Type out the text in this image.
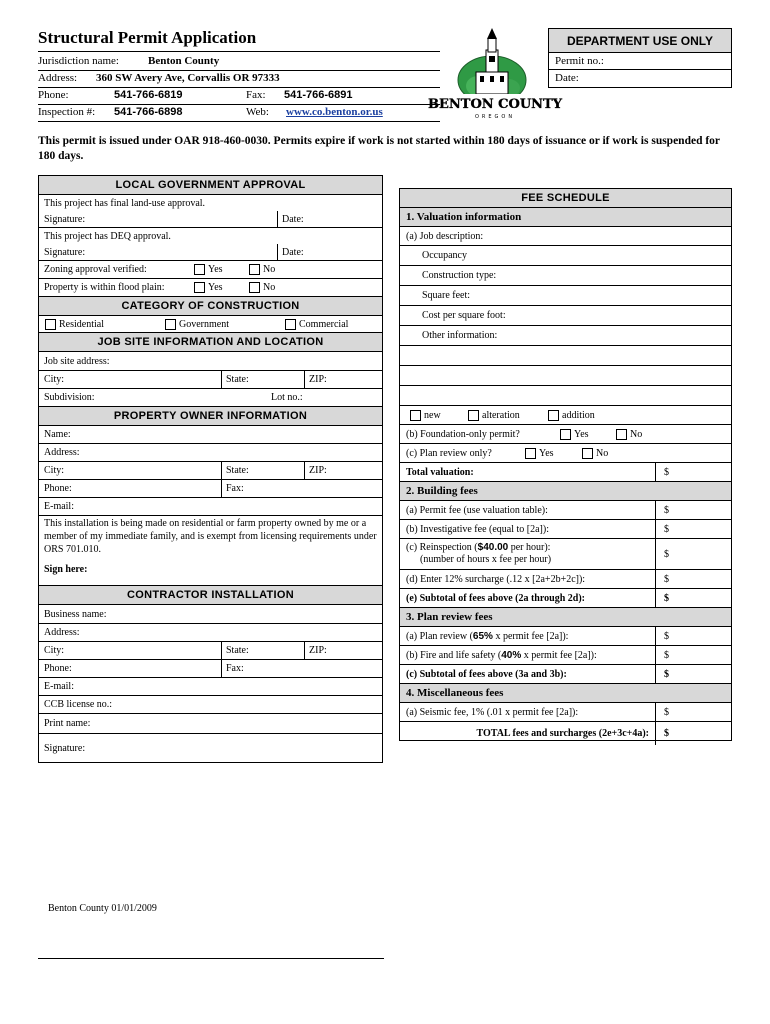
Structural Permit Application
Jurisdiction name:	Benton County
Address: 360 SW Avery Ave, Corvallis OR 97333
Phone:	541-766-6819	Fax: 541-766-6891
Inspection #: 541-766-6898	Web: www.co.benton.or.us	BENTON COUNTY
OREGON
DEPARTMENT USE ONLY
Permit no.:
Date:
This permit is issued under OAR 918-460-0030. Permits expire if work is not started within 180 days of issuance or if work is suspended for 180 days.
LOCAL GOVERNMENT APPROVAL
This project has final land-use approval.
Signature:	Date:
This project has DEQ approval.
Signature:	Date:
Zoning approval verified:	Yes	No
Property is within flood plain:	Yes	No
CATEGORY OF CONSTRUCTION
Residential	Government	Commercial
JOB SITE INFORMATION AND LOCATION
Job site address:
City:	State:	ZIP:
Subdivision:	Lot no.:
PROPERTY OWNER INFORMATION
Name:
Address:
City:	State:	ZIP:
Phone:	Fax:
E-mail:
This installation is being made on residential or farm property owned by me or a member of my immediate family, and is exempt from licensing requirements under ORS 701.010.
Sign here:
CONTRACTOR INSTALLATION
Business name:
Address:
City:	State:	ZIP:
Phone:	Fax:
E-mail:
CCB license no.:
Print name:
Signature:
FEE SCHEDULE
1. Valuation information
(a) Job description:
Occupancy
Construction type:
Square feet:
Cost per square foot:
Other information:
new	alteration	addition
(b) Foundation-only permit?	Yes	No
(c) Plan review only?	Yes	No
Total valuation:	$
2. Building fees
(a) Permit fee (use valuation table):	$
(b) Investigative fee (equal to [2a]):	$
(c) Reinspection ($40.00 per hour):
(number of hours x fee per hour)	$
(d) Enter 12% surcharge (.12 x [2a+2b+2c]):	$
(e) Subtotal of fees above (2a through 2d):	$
3. Plan review fees
(a) Plan review (65% x permit fee [2a]):	$
(b) Fire and life safety (40% x permit fee [2a]):	$
(c) Subtotal of fees above (3a and 3b):	$
4. Miscellaneous fees
(a) Seismic fee, 1% (.01 x permit fee [2a]):	$
TOTAL fees and surcharges (2e+3c+4a): $
Benton County 01/01/2009
